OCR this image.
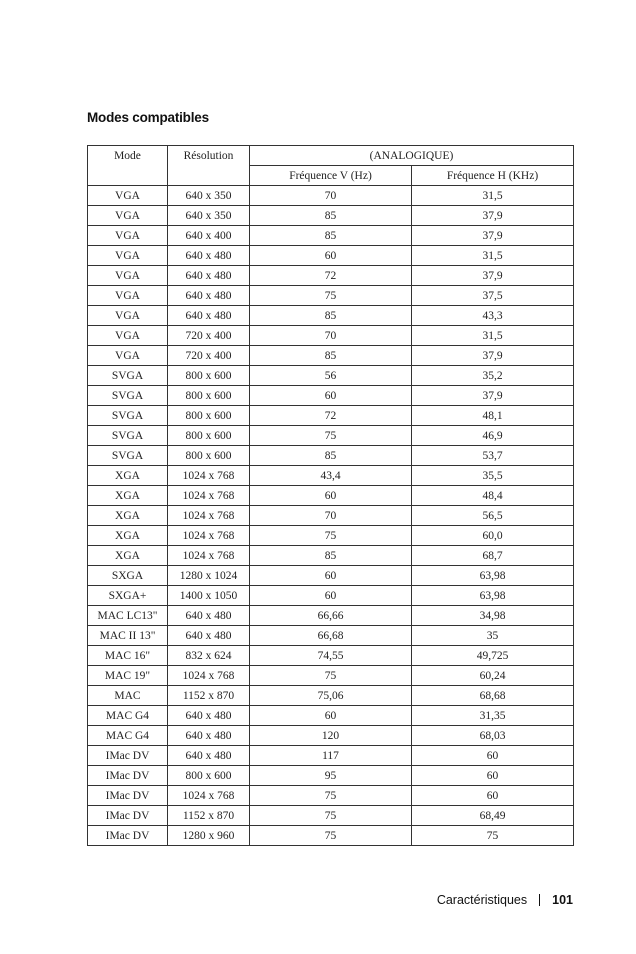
Modes compatibles
Mode	Résolution	(ANALOGIQUE)	
		Fréquence V (Hz)	Fréquence H (KHz)
VGA	640 x 350	70	31,5
VGA	640 x 350	85	37,9
VGA	640 x 400	85	37,9
VGA	640 x 480	60	31,5
VGA	640 x 480	72	37,9
VGA	640 x 480	75	37,5
VGA	640 x 480	85	43,3
VGA	720 x 400	70	31,5
VGA	720 x 400	85	37,9
SVGA	800 x 600	56	35,2
SVGA	800 x 600	60	37,9
SVGA	800 x 600	72	48,1
SVGA	800 x 600	75	46,9
SVGA	800 x 600	85	53,7
XGA	1024 x 768	43,4	35,5
XGA	1024 x 768	60	48,4
XGA	1024 x 768	70	56,5
XGA	1024 x 768	75	60,0
XGA	1024 x 768	85	68,7
SXGA	1280 x 1024	60	63,98
SXGA+	1400 x 1050	60	63,98
MAC LC13"	640 x 480	66,66	34,98
MAC II 13"	640 x 480	66,68	35
MAC 16"	832 x 624	74,55	49,725
MAC 19"	1024 x 768	75	60,24
MAC	1152 x 870	75,06	68,68
MAC G4	640 x 480	60	31,35
MAC G4	640 x 480	120	68,03
IMac DV	640 x 480	117	60
IMac DV	800 x 600	95	60
IMac DV	1024 x 768	75	60
IMac DV	1152 x 870	75	68,49
IMac DV	1280 x 960	75	75
Caractéristiques 101
